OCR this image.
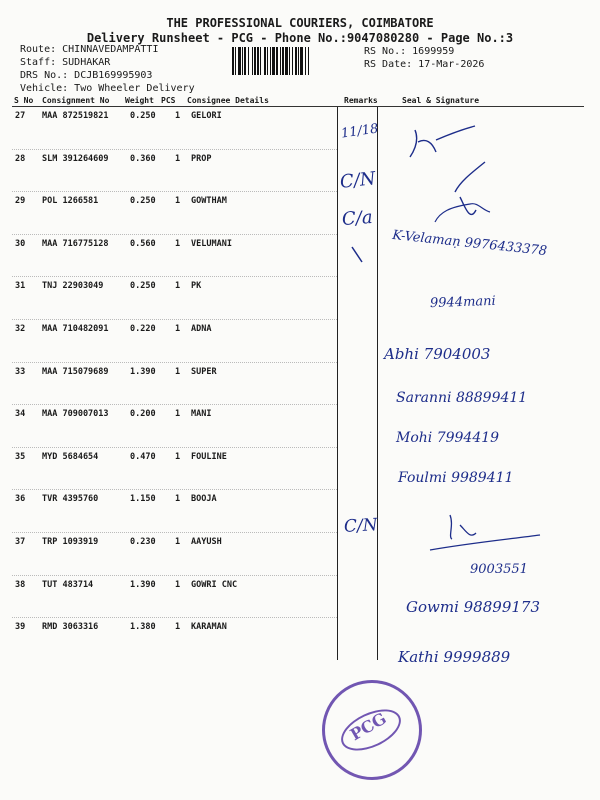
THE PROFESSIONAL COURIERS, COIMBATORE
Delivery Runsheet - PCG - Phone No.:9047080280 - Page No.:3
Route: CHINNAVEDAMPATTI
Staff: SUDHAKAR
DRS No.: DCJB169995903
Vehicle: Two Wheeler Delivery
RS No.: 1699959
RS Date: 17-Mar-2026
S No Consignment No Weight PCS Consignee Details	Remarks	Seal & Signature
27 MAA 872519821	0.250 1 GELORI
28 SLM 391264609	0.360 1 PROP
29 POL 1266581	0.250 1 GOWTHAM
30 MAA 716775128	0.560 1 VELUMANI
31 TNJ 22903049	0.250 1 PK
32 MAA 710482091	0.220 1 ADNA
33 MAA 715079689	1.390 1 SUPER
34 MAA 709007013	0.200 1 MANI
35 MYD 5684654	0.470 1 FOULINE
36 TVR 4395760	1.150 1 BOOJA
37 TRP 1093919	0.230 1 AAYUSH
38 TUT 483714	1.390 1 GOWRI CNC
39 RMD 3063316	1.380 1 KARAMAN
11/18
C/N
C/a
C/N
K-Velamaṇ 9976433378
9944mani
Abhi 7904003
Saranni 88899411
Mohi 7994419
Foulmi 9989411
9003551
Gowmi 98899173
Kathi 9999889
PCG
